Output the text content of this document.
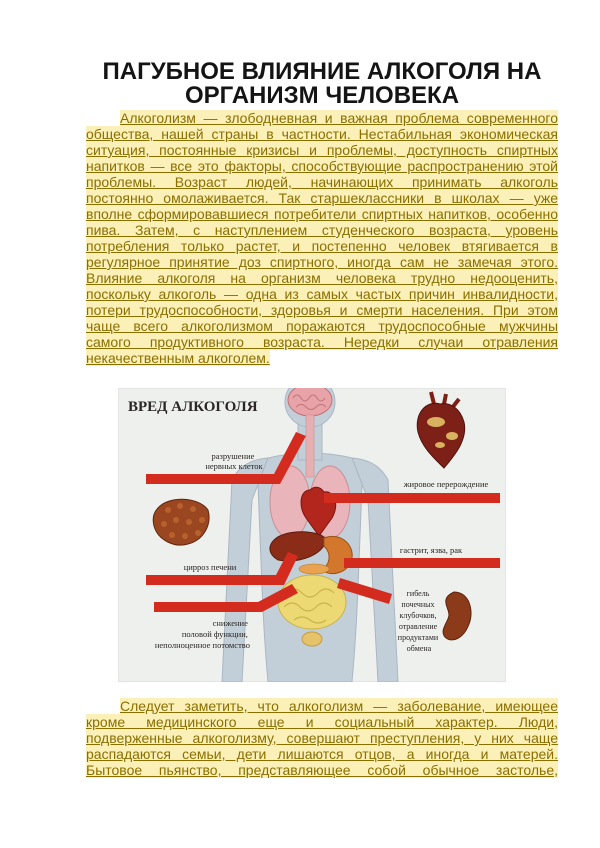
ПАГУБНОЕ ВЛИЯНИЕ АЛКОГОЛЯ НА ОРГАНИЗМ ЧЕЛОВЕКА
Алкоголизм — злободневная и важная проблема современного
общества, нашей страны в частности. Нестабильная экономическая
ситуация, постоянные кризисы и проблемы, доступность спиртных
напитков — все это факторы, способствующие распространению этой
проблемы. Возраст людей, начинающих принимать алкоголь
постоянно омолаживается. Так старшеклассники в школах — уже
вполне сформировавшиеся потребители спиртных напитков, особенно
пива. Затем, с наступлением студенческого возраста, уровень
потребления только растет, и постепенно человек втягивается в
регулярное принятие доз спиртного, иногда сам не замечая этого.
Влияние алкоголя на организм человека трудно недооценить,
поскольку алкоголь — одна из самых частых причин инвалидности,
потери трудоспособности, здоровья и смерти населения. При этом
чаще всего алкоголизмом поражаются трудоспособные мужчины
самого продуктивного возраста. Нередки случаи отравления
некачественным алкоголем.
ВРЕД АЛКОГОЛЯ
разрушение нервных клеток
жировое перерождение
цирроз печени
гастрит, язва, рак
снижение половой функции, неполноценное потомство
гибель почечных клубочков, отравление продуктами обмена
Следует заметить, что алкоголизм — заболевание, имеющее
кроме медицинского еще и социальный характер. Люди,
подверженные алкоголизму, совершают преступления, у них чаще
распадаются семьи, дети лишаются отцов, а иногда и матерей.
Бытовое пьянство, представляющее собой обычное застолье,
